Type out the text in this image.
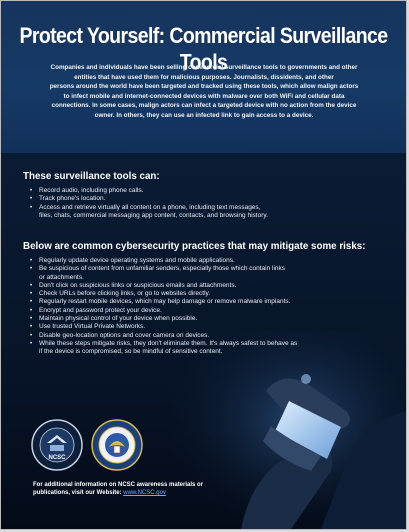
Protect Yourself: Commercial Surveillance Tools
Companies and individuals have been selling commercial surveillance tools to governments and other
entities that have used them for malicious purposes. Journalists, dissidents, and other
persons around the world have been targeted and tracked using these tools, which allow malign actors
to infect mobile and internet-connected devices with malware over both WiFi and cellular data
connections. In some cases, malign actors can infect a targeted device with no action from the device
owner. In others, they can use an infected link to gain access to a device.
These surveillance tools can:
• Record audio, including phone calls.
• Track phone's location.
• Access and retrieve virtually all content on a phone, including text messages,
files, chats, commercial messaging app content, contacts, and browsing history.
Below are common cybersecurity practices that may mitigate some risks:
• Regularly update device operating systems and mobile applications.
• Be suspicious of content from unfamiliar senders, especially those which contain links
or attachments.
• Don't click on suspicious links or suspicious emails and attachments.
• Check URLs before clicking links, or go to websites directly.
• Regularly restart mobile devices, which may help damage or remove malware implants.
• Encrypt and password protect your device.
• Maintain physical control of your device when possible.
• Use trusted Virtual Private Networks.
• Disable geo-location options and cover camera on devices.
• While these steps mitigate risks, they don't eliminate them. It's always safest to behave as
if the device is compromised, so be mindful of sensitive content.
NCSC
For additional information on NCSC awareness materials or
publications, visit our Website: www.NCSC.gov
